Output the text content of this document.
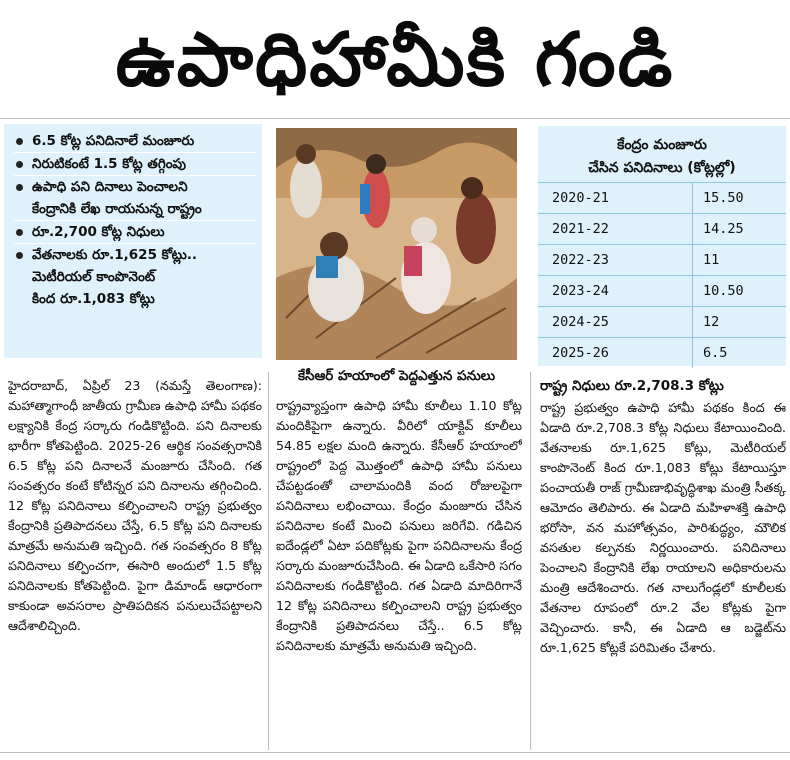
ఉపాధిహామీకి గండి
6.5 కోట్ల పనిదినాలే మంజూరు
నిరుటికంటే 1.5 కోట్ల తగ్గింపు
ఉపాధి పని దినాలు పెంచాలని
కేంద్రానికి లేఖ రాయనున్న రాష్ట్రం
రూ.2,700 కోట్ల నిధులు
వేతనాలకు రూ.1,625 కోట్లు..
మెటీరియల్ కాంపొనెంట్
కింద రూ.1,083 కోట్లు
కేసీఆర్ హయాంలో పెద్దఎత్తున పనులు
కేంద్రం మంజూరు
చేసిన పనిదినాలు (కోట్లల్లో)
2020-21	15.50
2021-22	14.25
2022-23	11
2023-24	10.50
2024-25	12
2025-26	6.5
హైదరాబాద్, ఏప్రిల్ 23 (నమస్తే తెలంగాణ): మహాత్మాగాంధీ జాతీయ గ్రామీణ ఉపాధి హామీ పథకం లక్ష్యానికి కేంద్ర సర్కారు గండికొట్టింది. పని దినాలకు భారీగా కోతపెట్టింది. 2025-26 ఆర్థిక సంవత్సరానికి 6.5 కోట్ల పని దినాలనే మంజూరు చేసింది. గత సంవత్సరం కంటే కోటిన్నర పని దినాలను తగ్గించింది. 12 కోట్ల పనిదినాలు కల్పించాలని రాష్ట్ర ప్రభుత్వం కేంద్రానికి ప్రతిపాదనలు చేస్తే, 6.5 కోట్ల పని దినాలకు మాత్రమే అనుమతి ఇచ్చింది. గత సంవత్సరం 8 కోట్ల పనిదినాలు కల్పించగా, ఈసారి అందులో 1.5 కోట్ల పనిదినాలకు కోతపెట్టింది. పైగా డిమాండ్ ఆధారంగా కాకుండా అవసరాల ప్రాతిపదికన పనులుచేపట్టాలని ఆదేశాలిచ్చింది.
రాష్ట్రవ్యాప్తంగా ఉపాధి హామీ కూలీలు 1.10 కోట్ల మందికిపైగా ఉన్నారు. వీరిలో యాక్టివ్ కూలీలు 54.85 లక్షల మంది ఉన్నారు. కేసీఆర్ హయాంలో రాష్ట్రంలో పెద్ద మొత్తంలో ఉపాధి హామీ పనులు చేపట్టడంతో చాలామందికి వంద రోజులపైగా పనిదినాలు లభించాయి. కేంద్రం మంజూరు చేసిన పనిదినాల కంటే మించి పనులు జరిగేవి. గడిచిన ఐదేండ్లలో ఏటా పదికోట్లకు పైగా పనిదినాలను కేంద్ర సర్కారు మంజూరుచేసింది. ఈ ఏడాది ఒకేసారి సగం పనిదినాలకు గండికొట్టింది. గత ఏడాది మాదిరిగానే 12 కోట్ల పనిదినాలు కల్పించాలని రాష్ట్ర ప్రభుత్వం కేంద్రానికి ప్రతిపాదనలు చేస్తే.. 6.5 కోట్ల పనిదినాలకు మాత్రమే అనుమతి ఇచ్చింది.
రాష్ట్ర నిధులు రూ.2,708.3 కోట్లు
రాష్ట్ర ప్రభుత్వం ఉపాధి హామీ పథకం కింద ఈ ఏడాది రూ.2,708.3 కోట్ల నిధులు కేటాయించింది. వేతనాలకు రూ.1,625 కోట్లు, మెటీరియల్ కాంపొనెంట్ కింద రూ.1,083 కోట్లు కేటాయిస్తూ పంచాయతీ రాజ్ గ్రామీణాభివృద్ధిశాఖ మంత్రి సీతక్క ఆమోదం తెలిపారు. ఈ ఏడాది మహిళాశక్తి ఉపాధి భరోసా, వన మహోత్సవం, పారిశుద్ధ్యం, మౌలిక వసతుల కల్పనకు నిర్ణయించారు. పనిదినాలు పెంచాలని కేంద్రానికి లేఖ రాయాలని అధికారులను మంత్రి ఆదేశించారు. గత నాలుగేండ్లలో కూలీలకు వేతనాల రూపంలో రూ.2 వేల కోట్లకు పైగా వెచ్చించారు. కానీ, ఈ ఏడాది ఆ బడ్జెట్‌ను రూ.1,625 కోట్లకే పరిమితం చేశారు.
